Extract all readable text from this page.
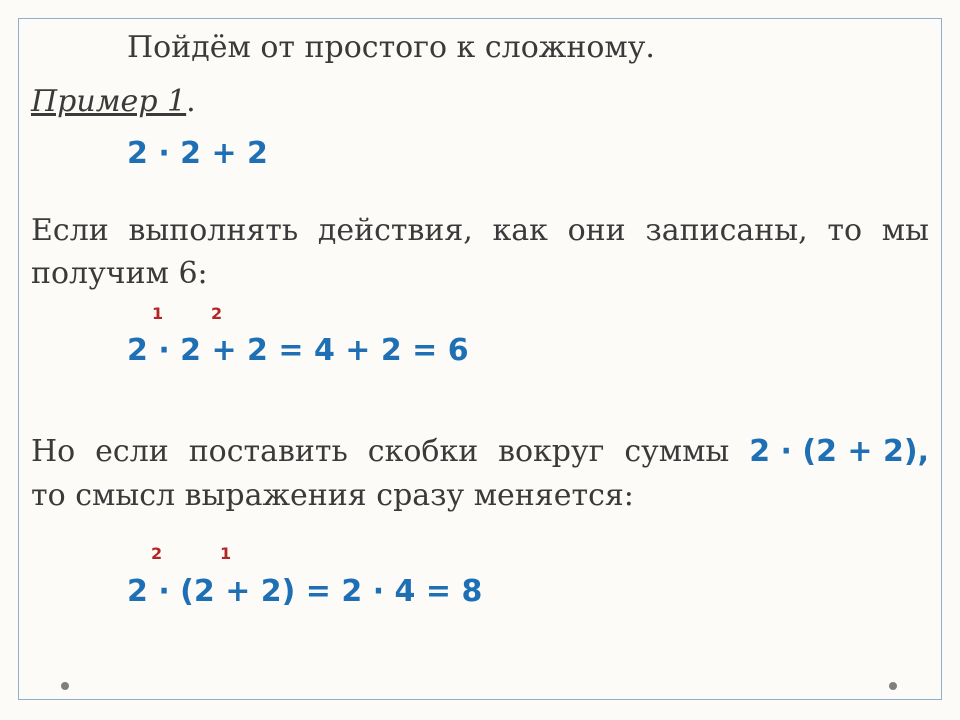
Пойдём от простого к сложному.
Пример 1.
2 · 2 + 2
Если выполнять действия, как они записаны, то мы
получим 6:
1	2
2 · 2 + 2 = 4 + 2 = 6
Но если поставить скобки вокруг суммы 2 · (2 + 2),
то смысл выражения сразу меняется:
2	1
2 · (2 + 2) = 2 · 4 = 8
